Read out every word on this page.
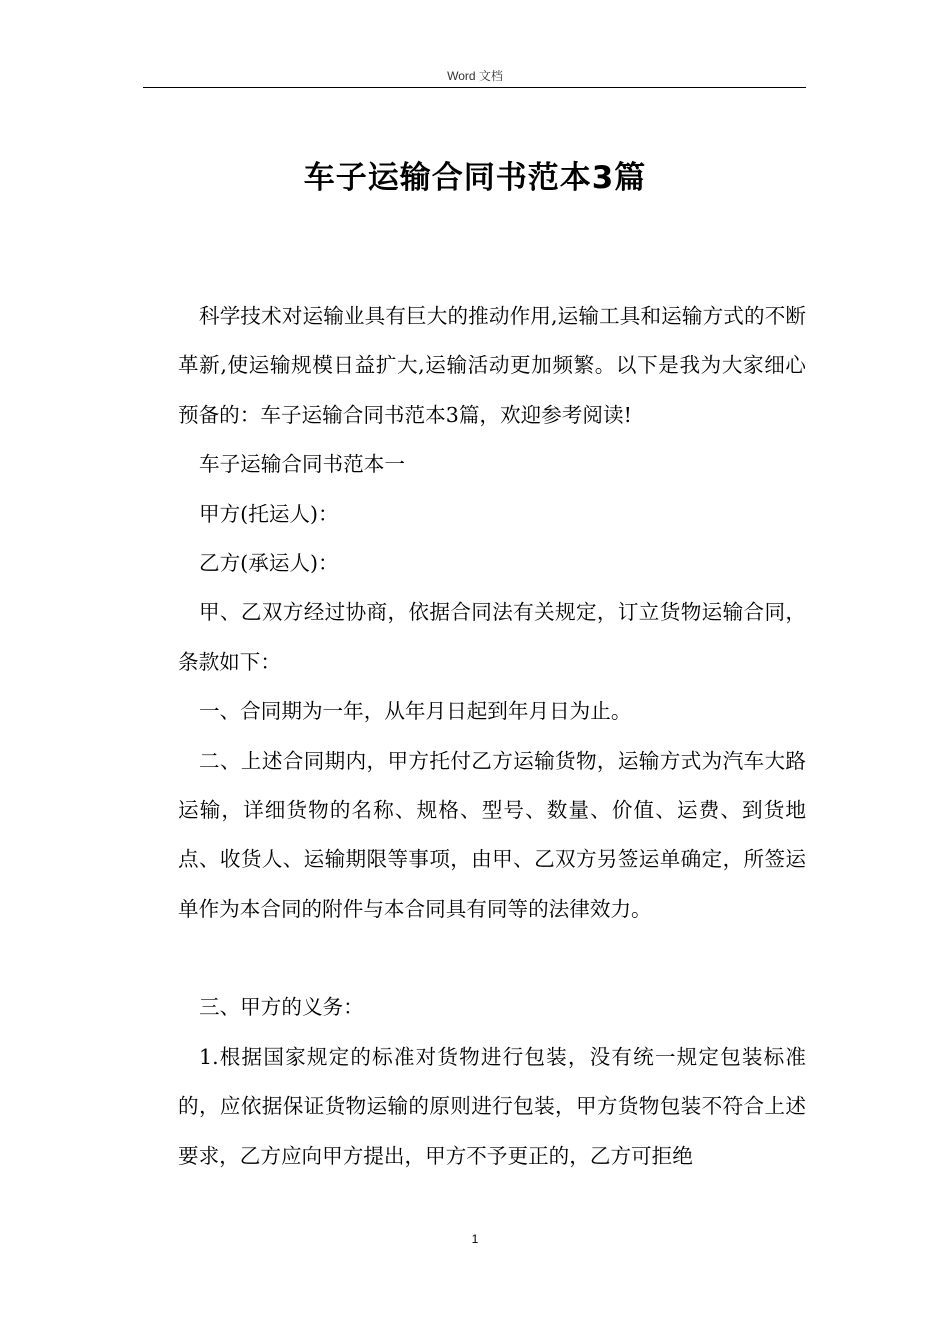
Word 文档
车子运输合同书范本3篇

科学技术对运输业具有巨大的推动作用,运输工具和运输方式的不断革新,使运输规模日益扩大,运输活动更加频繁。以下是我为大家细心预备的：车子运输合同书范本3篇，欢迎参考阅读!

车子运输合同书范本一

甲方(托运人)：

乙方(承运人)：

甲、乙双方经过协商，依据合同法有关规定，订立货物运输合同，条款如下：

一、合同期为一年，从年月日起到年月日为止。

二、上述合同期内，甲方托付乙方运输货物，运输方式为汽车大路运输，详细货物的名称、规格、型号、数量、价值、运费、到货地点、收货人、运输期限等事项，由甲、乙双方另签运单确定，所签运单作为本合同的附件与本合同具有同等的法律效力。

三、甲方的义务：

1.根据国家规定的标准对货物进行包装，没有统一规定包装标准的，应依据保证货物运输的原则进行包装，甲方货物包装不符合上述要求，乙方应向甲方提出，甲方不予更正的，乙方可拒绝

1
